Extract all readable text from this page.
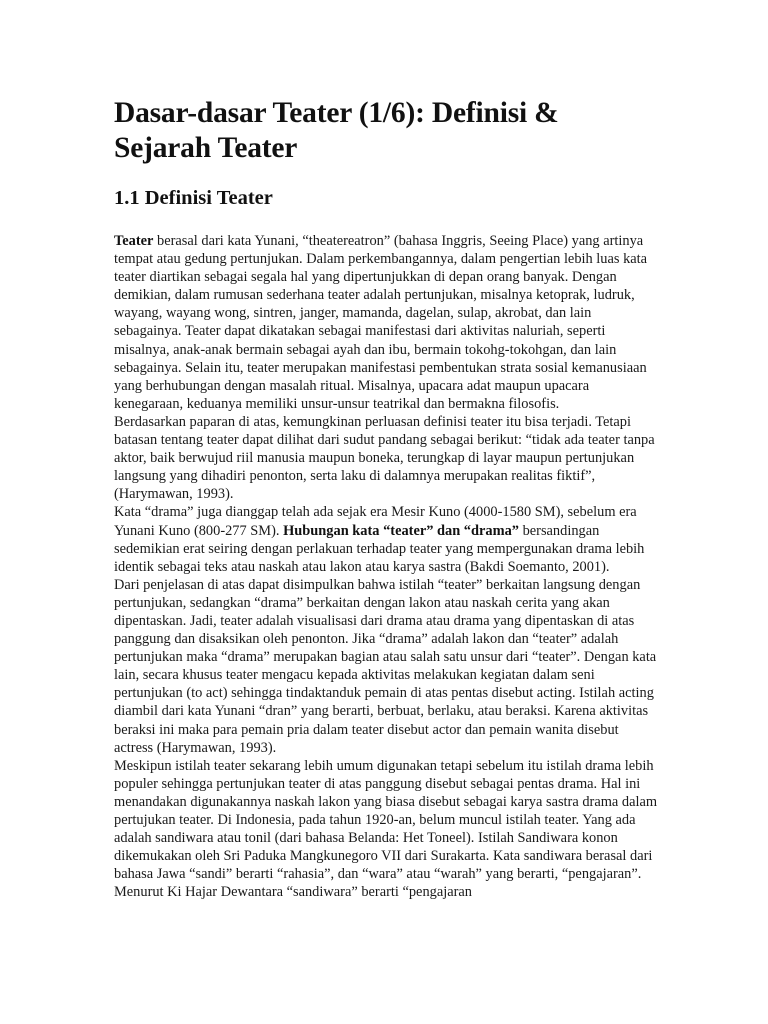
Dasar-dasar Teater (1/6): Definisi & Sejarah Teater
1.1 Definisi Teater

Teater berasal dari kata Yunani, “theatereatron” (bahasa Inggris, Seeing Place) yang artinya tempat atau gedung pertunjukan. Dalam perkembangannya, dalam pengertian lebih luas kata teater diartikan sebagai segala hal yang dipertunjukkan di depan orang banyak. Dengan demikian, dalam rumusan sederhana teater adalah pertunjukan, misalnya ketoprak, ludruk, wayang, wayang wong, sintren, janger, mamanda, dagelan, sulap, akrobat, dan lain sebagainya. Teater dapat dikatakan sebagai manifestasi dari aktivitas naluriah, seperti misalnya, anak-anak bermain sebagai ayah dan ibu, bermain tokohg-tokohgan, dan lain sebagainya. Selain itu, teater merupakan manifestasi pembentukan strata sosial kemanusiaan yang berhubungan dengan masalah ritual. Misalnya, upacara adat maupun upacara kenegaraan, keduanya memiliki unsur-unsur teatrikal dan bermakna filosofis.

Berdasarkan paparan di atas, kemungkinan perluasan definisi teater itu bisa terjadi. Tetapi batasan tentang teater dapat dilihat dari sudut pandang sebagai berikut: “tidak ada teater tanpa aktor, baik berwujud riil manusia maupun boneka, terungkap di layar maupun pertunjukan langsung yang dihadiri penonton, serta laku di dalamnya merupakan realitas fiktif”, (Harymawan, 1993).

Kata “drama” juga dianggap telah ada sejak era Mesir Kuno (4000-1580 SM), sebelum era Yunani Kuno (800-277 SM). Hubungan kata “teater” dan “drama” bersandingan sedemikian erat seiring dengan perlakuan terhadap teater yang mempergunakan drama lebih identik sebagai teks atau naskah atau lakon atau karya sastra (Bakdi Soemanto, 2001).

Dari penjelasan di atas dapat disimpulkan bahwa istilah “teater” berkaitan langsung dengan pertunjukan, sedangkan “drama” berkaitan dengan lakon atau naskah cerita yang akan dipentaskan. Jadi, teater adalah visualisasi dari drama atau drama yang dipentaskan di atas panggung dan disaksikan oleh penonton. Jika “drama” adalah lakon dan “teater” adalah pertunjukan maka “drama” merupakan bagian atau salah satu unsur dari “teater”. Dengan kata lain, secara khusus teater mengacu kepada aktivitas melakukan kegiatan dalam seni pertunjukan (to act) sehingga tindaktanduk pemain di atas pentas disebut acting. Istilah acting diambil dari kata Yunani “dran” yang berarti, berbuat, berlaku, atau beraksi. Karena aktivitas beraksi ini maka para pemain pria dalam teater disebut actor dan pemain wanita disebut actress (Harymawan, 1993).

Meskipun istilah teater sekarang lebih umum digunakan tetapi sebelum itu istilah drama lebih populer sehingga pertunjukan teater di atas panggung disebut sebagai pentas drama. Hal ini menandakan digunakannya naskah lakon yang biasa disebut sebagai karya sastra drama dalam pertujukan teater. Di Indonesia, pada tahun 1920-an, belum muncul istilah teater. Yang ada adalah sandiwara atau tonil (dari bahasa Belanda: Het Toneel). Istilah Sandiwara konon dikemukakan oleh Sri Paduka Mangkunegoro VII dari Surakarta. Kata sandiwara berasal dari bahasa Jawa “sandi” berarti “rahasia”, dan “wara” atau “warah” yang berarti, “pengajaran”. Menurut Ki Hajar Dewantara “sandiwara” berarti “pengajaran
